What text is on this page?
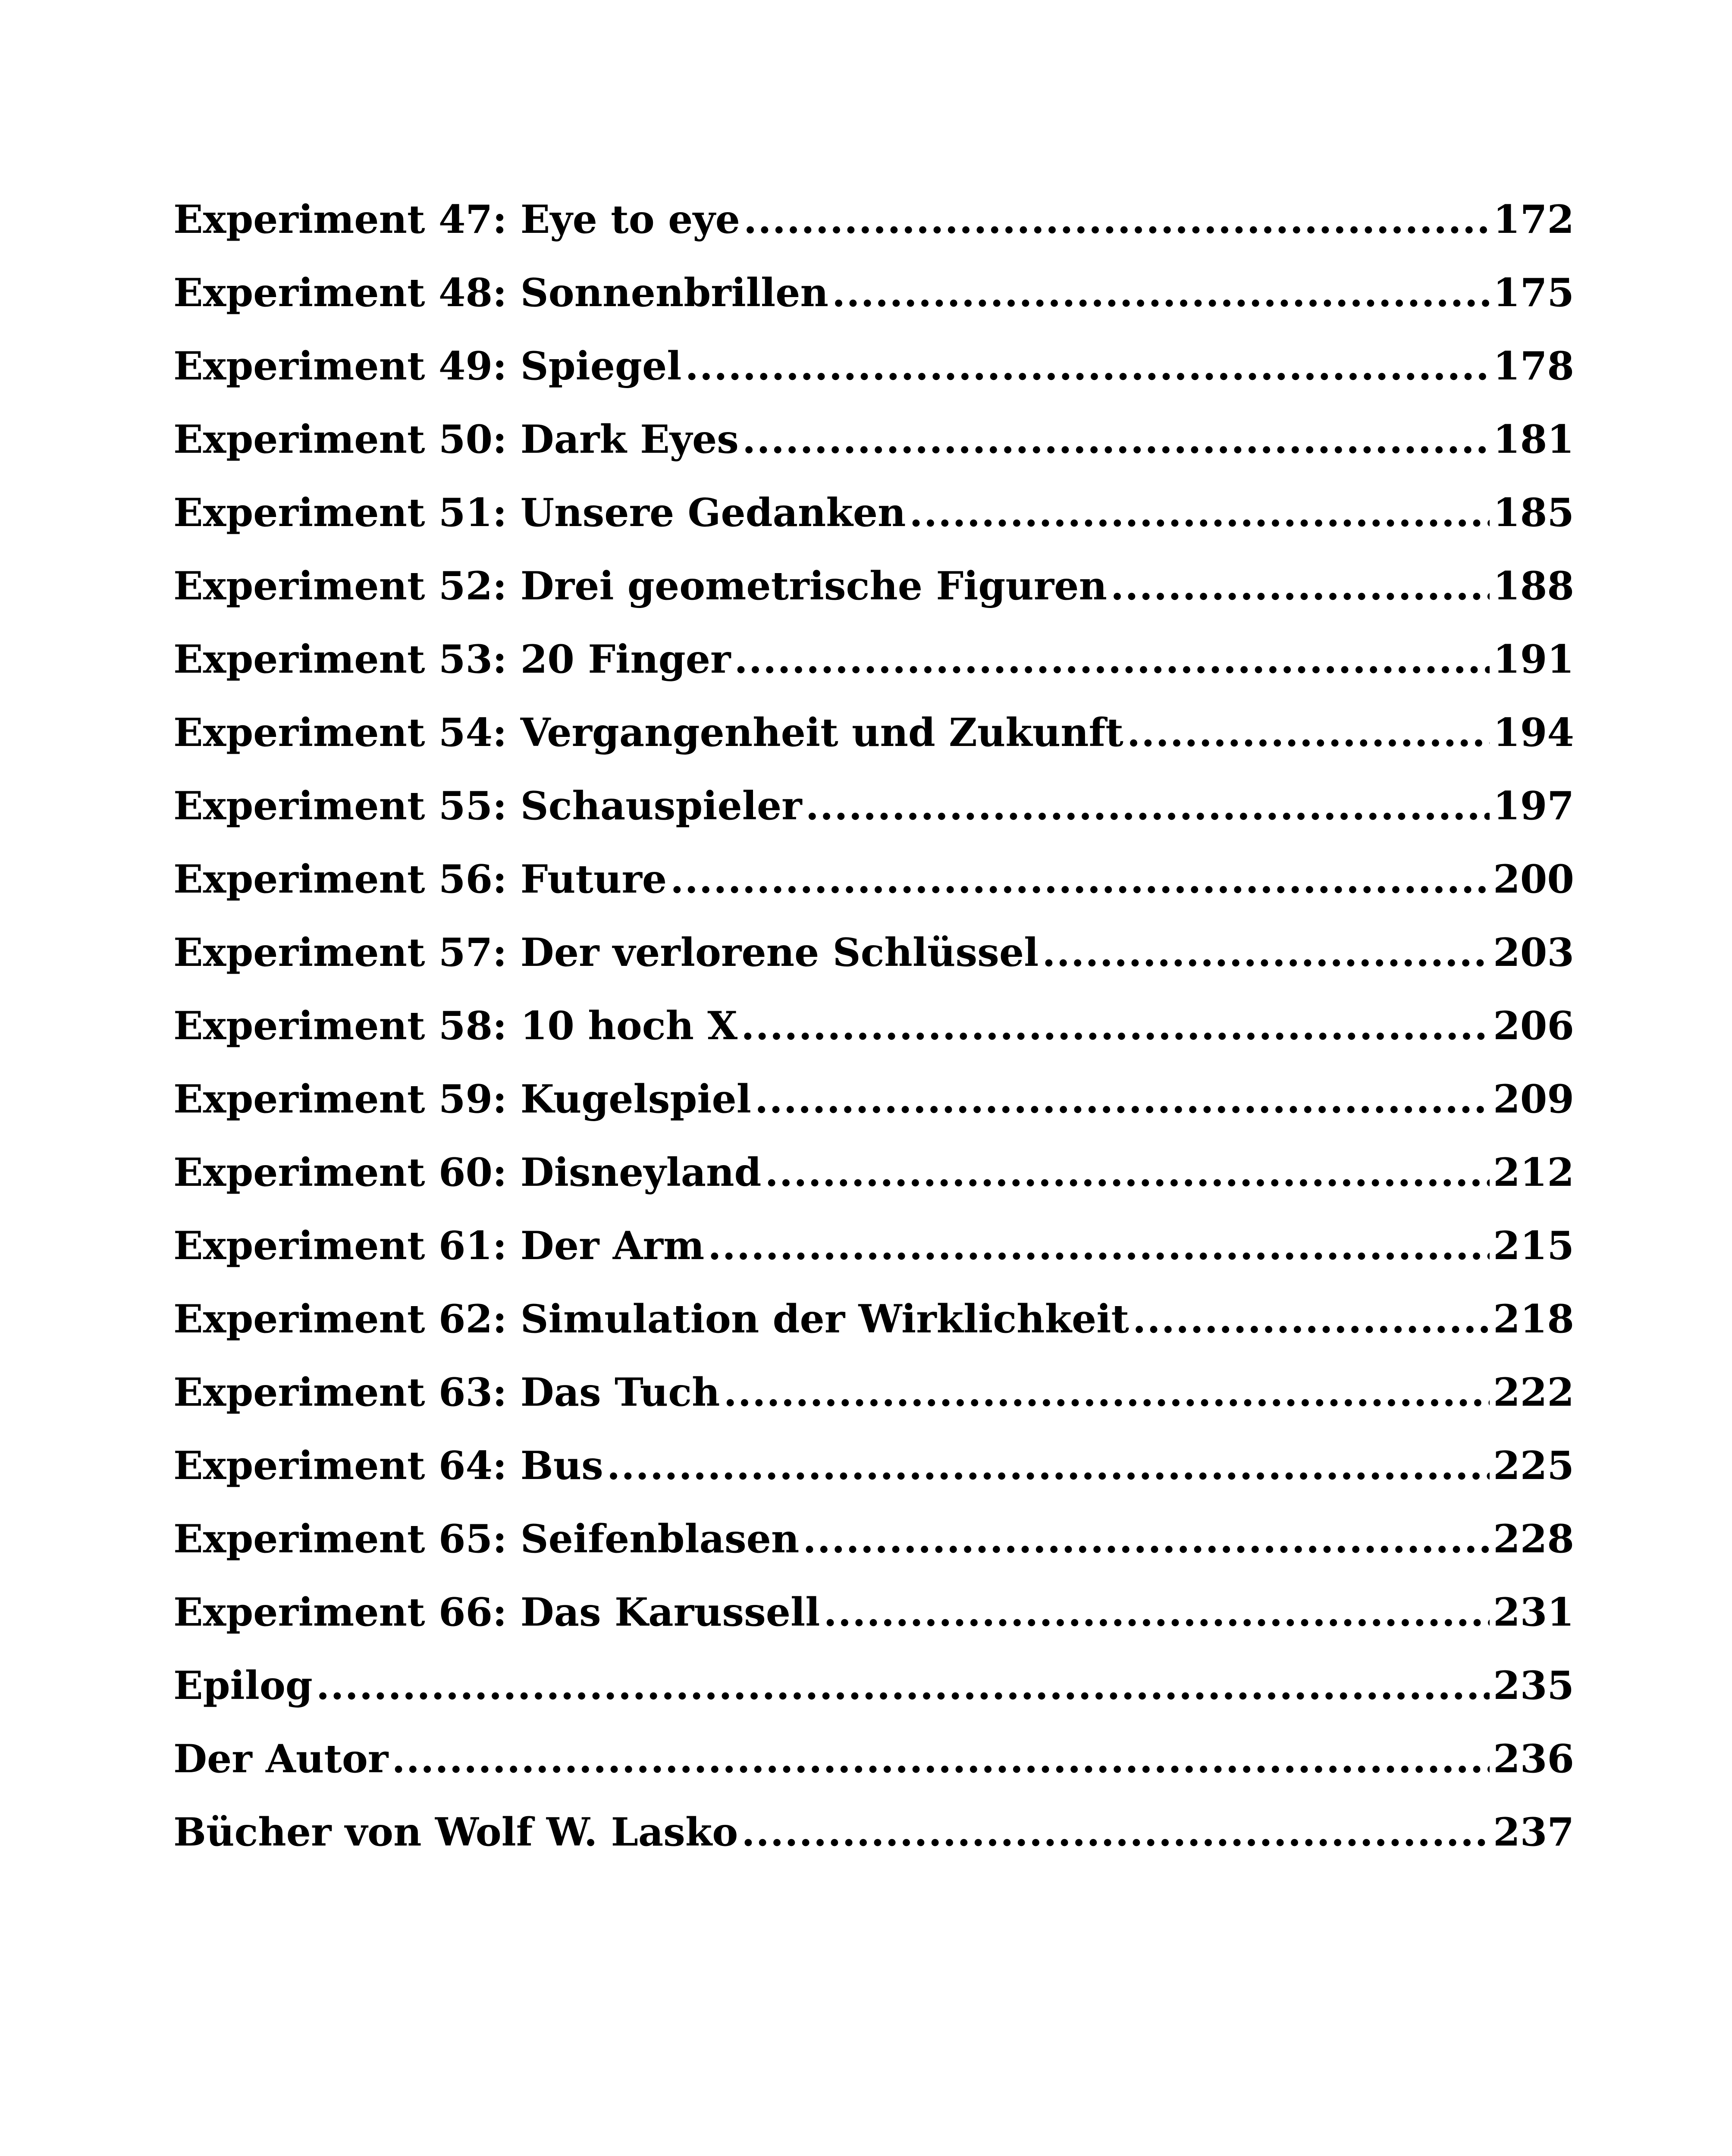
Experiment 47: Eye to eye .....	172
Experiment 48: Sonnenbrillen .....	175
Experiment 49: Spiegel .....	178
Experiment 50: Dark Eyes .....	181
Experiment 51: Unsere Gedanken .....	185
Experiment 52: Drei geometrische Figuren .....	188
Experiment 53: 20 Finger .....	191
Experiment 54: Vergangenheit und Zukunft .....	194
Experiment 55: Schauspieler .....	197
Experiment 56: Future .....	200
Experiment 57: Der verlorene Schlüssel .....	203
Experiment 58: 10 hoch X .....	206
Experiment 59: Kugelspiel .....	209
Experiment 60: Disneyland .....	212
Experiment 61: Der Arm .....	215
Experiment 62: Simulation der Wirklichkeit .....	218
Experiment 63: Das Tuch .....	222
Experiment 64: Bus .....	225
Experiment 65: Seifenblasen .....	228
Experiment 66: Das Karussell .....	231
Epilog .....	235
Der Autor .....	236
Bücher von Wolf W. Lasko .....	237
